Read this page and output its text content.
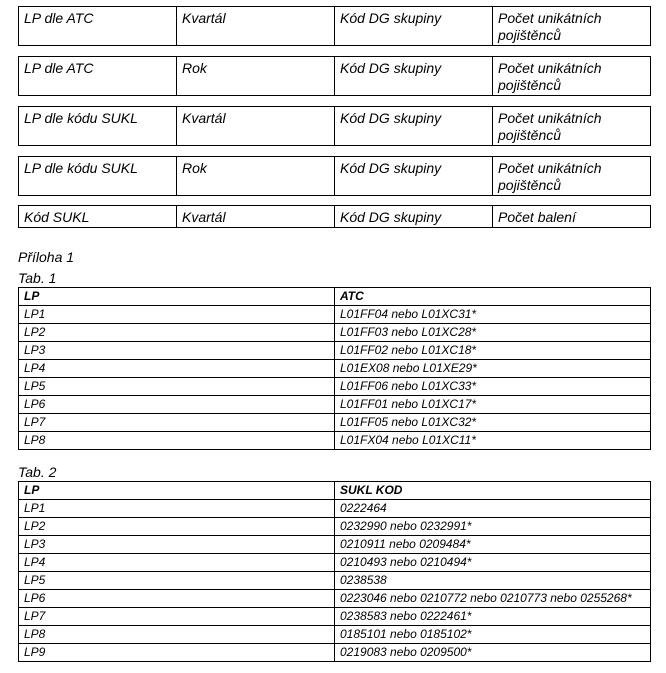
LP dle ATC	Kvartál	Kód DG skupiny	Počet unikátních pojištěnců
LP dle ATC	Rok	Kód DG skupiny	Počet unikátních pojištěnců
LP dle kódu SUKL	Kvartál	Kód DG skupiny	Počet unikátních pojištěnců
LP dle kódu SUKL	Rok	Kód DG skupiny	Počet unikátních pojištěnců
Kód SUKL	Kvartál	Kód DG skupiny	Počet balení
Příloha 1
Tab. 1
LP	ATC
LP1	L01FF04 nebo L01XC31*
LP2	L01FF03 nebo L01XC28*
LP3	L01FF02 nebo L01XC18*
LP4	L01EX08 nebo L01XE29*
LP5	L01FF06 nebo L01XC33*
LP6	L01FF01 nebo L01XC17*
LP7	L01FF05 nebo L01XC32*
LP8	L01FX04 nebo L01XC11*
Tab. 2
LP	SUKL KOD
LP1	0222464
LP2	0232990 nebo 0232991*
LP3	0210911 nebo 0209484*
LP4	0210493 nebo 0210494*
LP5	0238538
LP6	0223046 nebo 0210772 nebo 0210773 nebo 0255268*
LP7	0238583 nebo 0222461*
LP8	0185101 nebo 0185102*
LP9	0219083 nebo 0209500*
